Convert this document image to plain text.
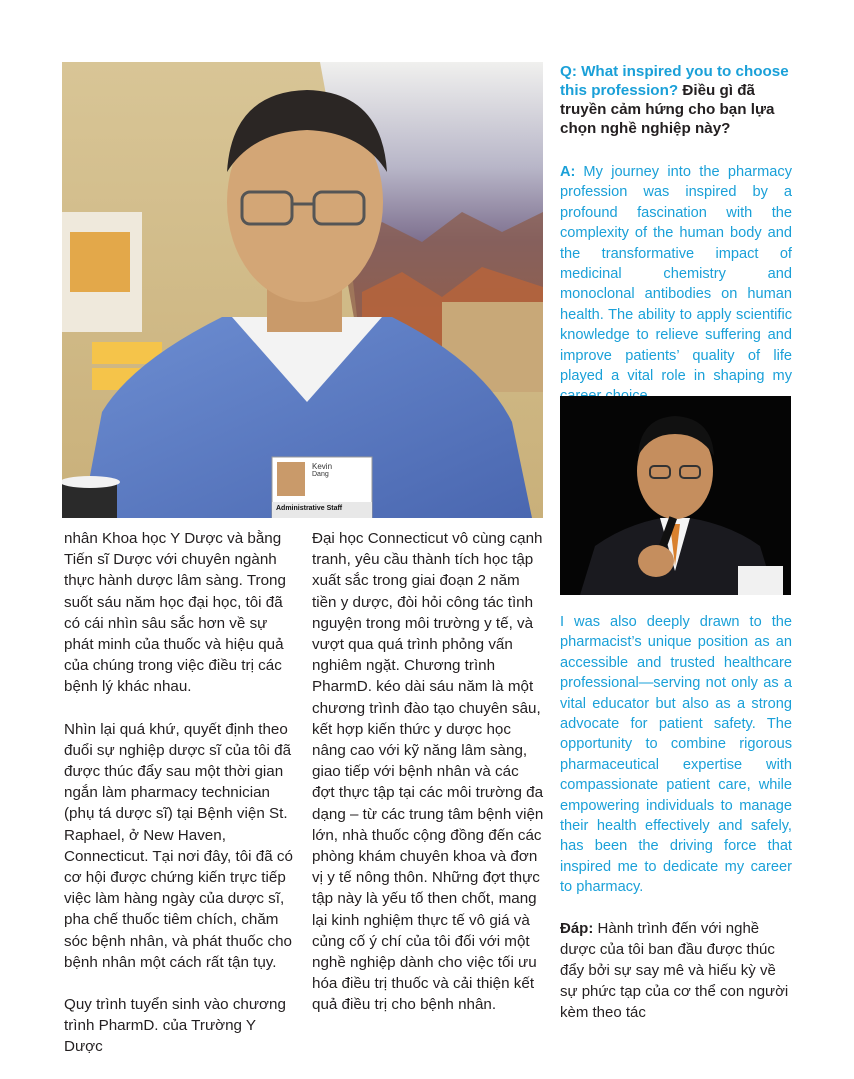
Kevin
Dang
Administrative Staff

nhân Khoa học Y Dược và bằng Tiến sĩ Dược với chuyên ngành thực hành dược lâm sàng. Trong suốt sáu năm học đại học, tôi đã có cái nhìn sâu sắc hơn về sự phát minh của thuốc và hiệu quả của chúng trong việc điều trị các bệnh lý khác nhau.

Nhìn lại quá khứ, quyết định theo đuổi sự nghiệp dược sĩ của tôi đã được thúc đẩy sau một thời gian ngắn làm pharmacy technician (phụ tá dược sĩ) tại Bệnh viện St. Raphael, ở New Haven, Connecticut. Tại nơi đây, tôi đã có cơ hội được chứng kiến trực tiếp việc làm hàng ngày của dược sĩ, pha chế thuốc tiêm chích, chăm sóc bệnh nhân, và phát thuốc cho bệnh nhân một cách rất tận tụy.

Quy trình tuyển sinh vào chương trình PharmD. của Trường Y Dược

Đại học Connecticut vô cùng cạnh tranh, yêu cầu thành tích học tập xuất sắc trong giai đoạn 2 năm tiền y dược, đòi hỏi công tác tình nguyện trong môi trường y tế, và vượt qua quá trình phỏng vấn nghiêm ngặt. Chương trình PharmD. kéo dài sáu năm là một chương trình đào tạo chuyên sâu, kết hợp kiến thức y dược học nâng cao với kỹ năng lâm sàng, giao tiếp với bệnh nhân và các đợt thực tập tại các môi trường đa dạng – từ các trung tâm bệnh viện lớn, nhà thuốc cộng đồng đến các phòng khám chuyên khoa và đơn vị y tế nông thôn. Những đợt thực tập này là yếu tố then chốt, mang lại kinh nghiệm thực tế vô giá và củng cố ý chí của tôi đối với một nghề nghiệp dành cho việc tối ưu hóa điều trị thuốc và cải thiện kết quả điều trị cho bệnh nhân.

Q: What inspired you to choose this profession? Điều gì đã truyền cảm hứng cho bạn lựa chọn nghề nghiệp này?

A: My journey into the pharmacy profession was inspired by a profound fascination with the complexity of the human body and the transformative impact of medicinal chemistry and monoclonal antibodies on human health. The ability to apply scientific knowledge to relieve suffering and improve patients’ quality of life played a vital role in shaping my

I was also deeply drawn to the pharmacist’s unique position as an accessible and trusted healthcare professional—serving not only as a vital educator but also as a strong advocate for patient safety. The opportunity to combine rigorous pharmaceutical expertise with compassionate patient care, while empowering individuals to manage their health effectively and safely, has been the driving force that inspired me to dedicate my career to pharmacy.

Đáp: Hành trình đến với nghề dược của tôi ban đầu được thúc đẩy bởi sự say mê và hiếu kỳ về sự phức tạp của cơ thể con người kèm theo tác
